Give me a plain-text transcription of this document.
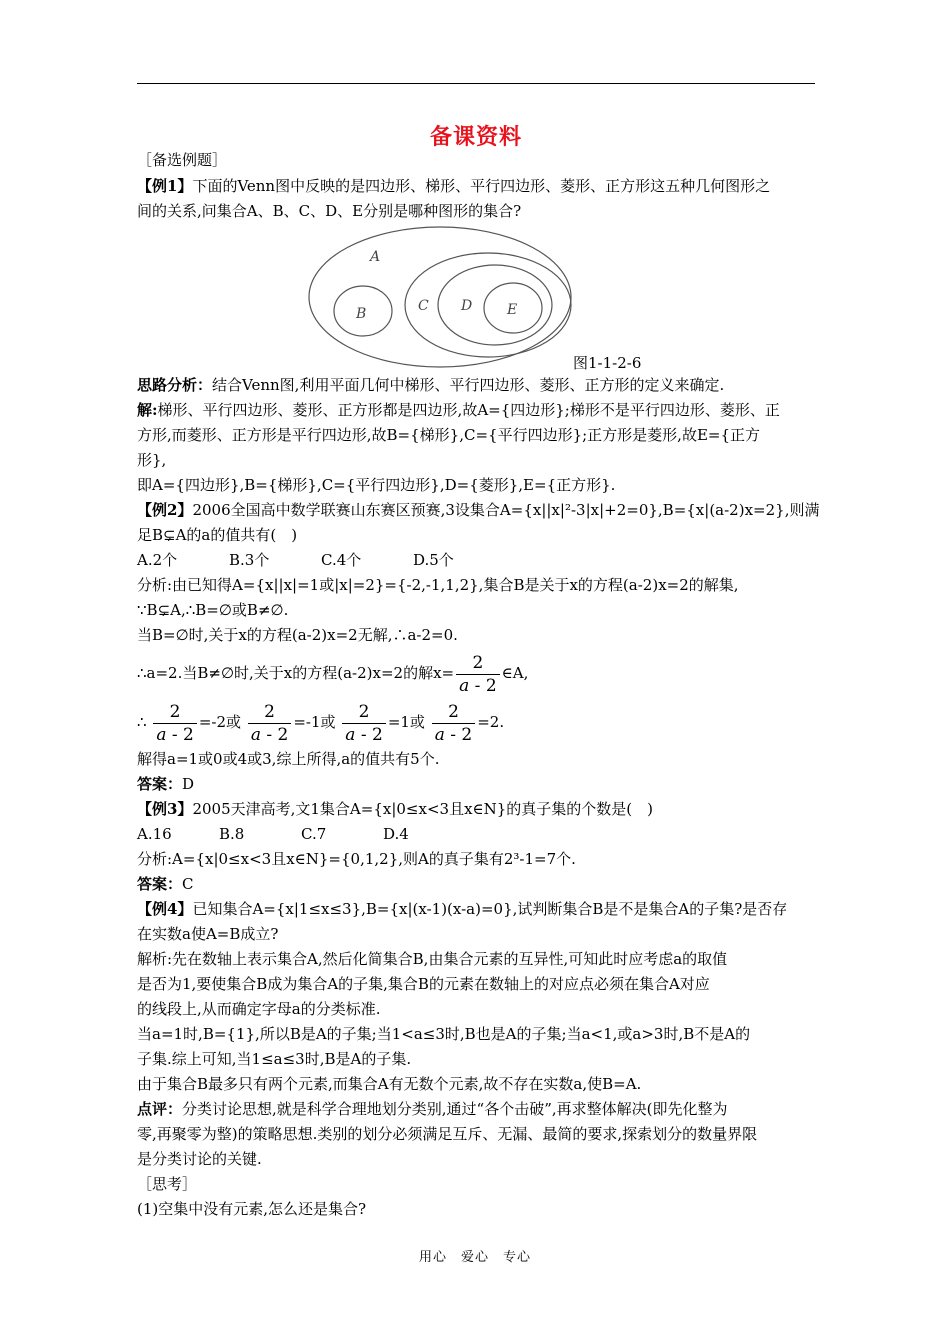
备课资料
［备选例题］
【例1】下面的Venn图中反映的是四边形、梯形、平行四边形、菱形、正方形这五种几何图形之
间的关系,问集合A、B、C、D、E分别是哪种图形的集合?
A
B	C D E
图1-1-2-6
思路分析：结合Venn图,利用平面几何中梯形、平行四边形、菱形、正方形的定义来确定.
解:梯形、平行四边形、菱形、正方形都是四边形,故A={四边形};梯形不是平行四边形、菱形、正
方形,而菱形、正方形是平行四边形,故B={梯形},C={平行四边形};正方形是菱形,故E={正方
形},
即A={四边形},B={梯形},C={平行四边形},D={菱形},E={正方形}.
【例2】2006全国高中数学联赛山东赛区预赛,3设集合A={x||x|²-3|x|+2=0},B={x|(a-2)x=2},则满
足B⊊A的a的值共有(　)
A.2个	B.3个	C.4个	D.5个
分析:由已知得A={x||x|=1或|x|=2}={-2,-1,1,2},集合B是关于x的方程(a-2)x=2的解集,
∵B⊊A,∴B=∅或B≠∅.
当B=∅时,关于x的方程(a-2)x=2无解,∴a-2=0.
∴a=2.当B≠∅时,关于x的方程(a-2)x=2的解$x= \frac{2}{a - 2}$ ∈A,
∴ $\frac{2}{a - 2} =-2$或 $\frac{2}{a - 2} =-1$或 $\frac{2}{a - 2} =1$或 $\frac{2}{a - 2} =2$.
解得a=1或0或4或3,综上所得,a的值共有5个.
答案：D
【例3】2005天津高考,文1集合A={x|0≤x<3且x∈N}的真子集的个数是(　)
A.16	B.8	C.7	D.4
分析:A={x|0≤x<3且x∈N}={0,1,2},则A的真子集有2³-1=7个.
答案：C
【例4】已知集合A={x|1≤x≤3},B={x|(x-1)(x-a)=0},试判断集合B是不是集合A的子集?是否存
在实数a使A=B成立?
解析:先在数轴上表示集合A,然后化简集合B,由集合元素的互异性,可知此时应考虑a的取值
是否为1,要使集合B成为集合A的子集,集合B的元素在数轴上的对应点必须在集合A对应
的线段上,从而确定字母a的分类标准.
当a=1时,B={1},所以B是A的子集;当1<a≤3时,B也是A的子集;当a<1,或a>3时,B不是A的
子集.综上可知,当1≤a≤3时,B是A的子集.
由于集合B最多只有两个元素,而集合A有无数个元素,故不存在实数a,使B=A.
点评：分类讨论思想,就是科学合理地划分类别,通过“各个击破”,再求整体解决(即先化整为
零,再聚零为整)的策略思想.类别的划分必须满足互斥、无漏、最简的要求,探索划分的数量界限
是分类讨论的关键.
［思考］
(1)空集中没有元素,怎么还是集合?
用心　爱心　专心
